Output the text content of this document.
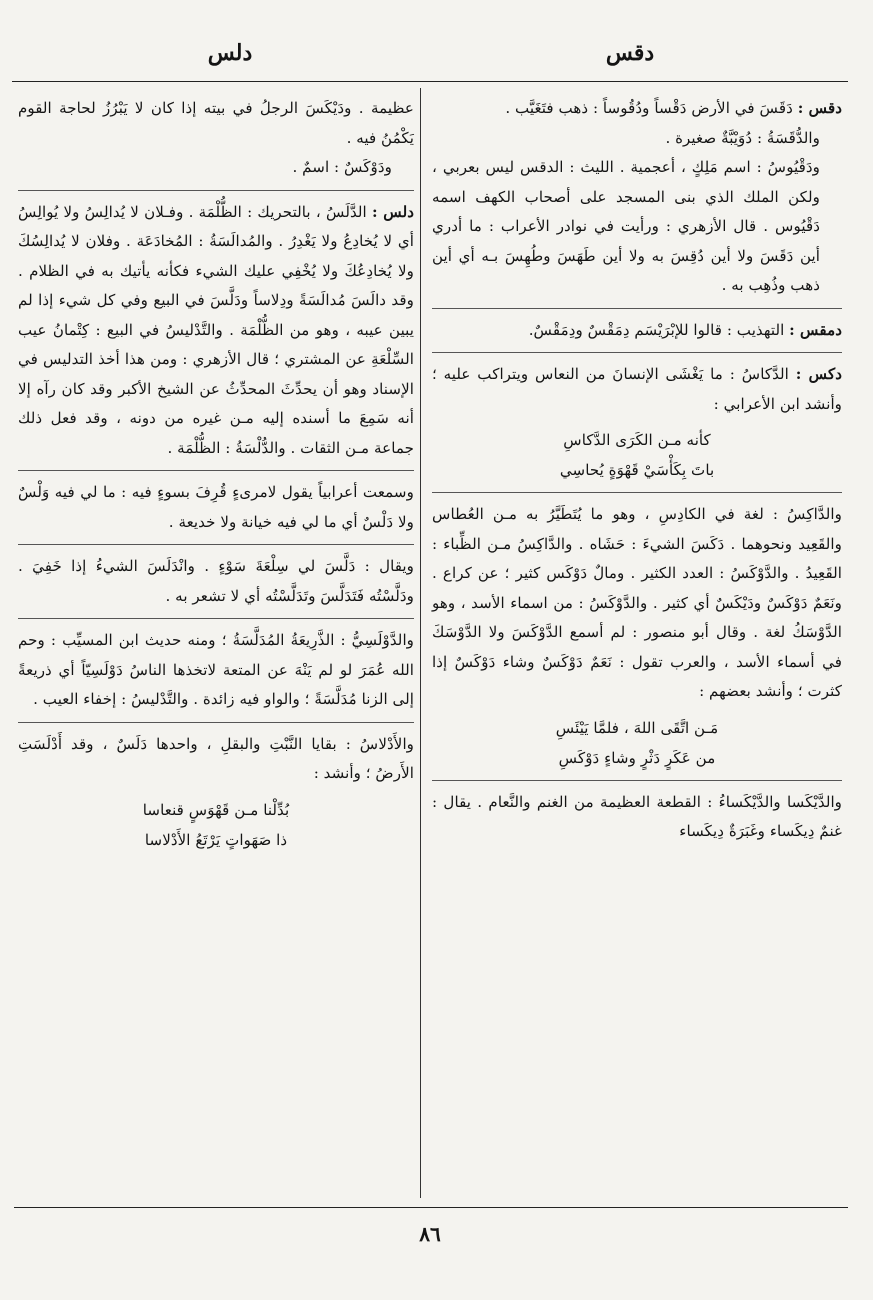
دقس
دلس

دقس : دَقَسَ في الأرض دَقْساً ودُقُوساً : ذهب فتَغَيَّب .

والدُّقَسَةُ : دُوَيْبَّةٌ صغيرة .

ودَقْيُوسُ : اسم مَلِكٍ ، أعجمية . الليث : الدقس ليس بعربي ، ولكن الملك الذي بنى المسجد على أصحاب الكهف اسمه دَقْيُوس . قال الأزهري : ورأيت في نوادر الأعراب : ما أدري أين دَقَسَ ولا أين دُقِسَ به ولا أين طَهَسَ وطُهِسَ بـه أي أين ذهب وذُهِب به .

دمقس : التهذيب : قالوا للإبْرَيْسَم دِمَقْسٌ ودِمَقْسٌ.

دكس : الدَّكاسُ : ما يَغْشَى الإنسانَ من النعاس ويتراكب عليه ؛ وأنشد ابن الأعرابي :

كأنه مـن الكَرَى الدَّكاسِ
باتَ بِكَأْسَيْ قَهْوَةٍ يُحاسِي

والدَّاكِسُ : لغة في الكادِسِ ، وهو ما يُتَطَيَّرُ به مـن العُطاس والقَعِيد ونحوهما . دَكَسَ الشيءَ : حَشَاه . والدَّاكِسُ مـن الظِّباء : القَعِيدُ . والدَّوْكَسُ : العدد الكثير . ومالٌ دَوْكَس كثير ؛ عن كراع . ونَعَمٌ دَوْكَسٌ ودَيْكَسٌ أي كثير . والدَّوْكَسُ : من اسماء الأسد ، وهو الدَّوْسَكُ لغة . وقال أبو منصور : لم أسمع الدَّوْكَسَ ولا الدَّوْسَكَ في أسماء الأسد ، والعرب تقول : نَعَمٌ دَوْكَسٌ وشاء دَوْكَسٌ إذا كثرت ؛ وأنشد بعضهم :

مَـن اتَّقَى اللهَ ، فلمَّا يَيْئَسِ
من عَكَرٍ دَثْرٍ وشاءٍ دَوْكَسِ

والدَّيْكَسا والدَّيْكَساءُ : القطعة العظيمة من الغنم والنَّعام . يقال : غنمٌ دِيكَساء وغَبَرَةٌ دِيكَساء

عظيمة . ودَيْكَسَ الرجلُ في بيته إذا كان لا يَبْرُزُ لحاجة القوم يَكْمُنُ فيه .

ودَوْكَسٌ : اسمٌ .

دلس : الدَّلَسُ ، بالتحريك : الظُّلْمَة . وفـلان لا يُدالِسُ ولا يُوالِسُ أي لا يُخادِعُ ولا يَغْدِرُ . والمُدالَسَةُ : المُخادَعَة . وفلان لا يُدالِسُكَ ولا يُخادِعُكَ ولا يُخْفِي عليك الشيء فكأنه يأتيك به في الظلام . وقد دالَسَ مُدالَسَةً ودِلاساً ودَلَّسَ في البيع وفي كل شيء إذا لم يبين عيبه ، وهو من الظُّلْمَة . والتَّدْليسُ في البيع : كِتْمانُ عيب السِّلْعَةِ عن المشتري ؛ قال الأزهري : ومن هذا أخذ التدليس في الإسناد وهو أن يحدِّثَ المحدِّثُ عن الشيخ الأكبر وقد كان رآه إلا أنه سَمِعَ ما أسنده إليه مـن غيره من دونه ، وقد فعل ذلك جماعة مـن الثقات . والدُّلْسَةُ : الظُّلْمَة .

وسمعت أعرابياً يقول لامرىءٍ قُرِفَ بسوءٍ فيه : ما لي فيه وَلْسٌ ولا دَلْسٌ أي ما لي فيه خيانة ولا خديعة .

ويقال : دَلَّسَ لي سِلْعَةَ سَوْءٍ . وانْدَلَسَ الشيءُ إذا خَفِيَ . ودَلَّسْتُه فَتَدَلَّسَ وتَدَلَّسْتُه أي لا تشعر به .

والدَّوْلَسِيُّ : الذَّرِيعَةُ المُدَلَّسَةُ ؛ ومنه حديث ابن المسيِّب : وحم الله عُمَرَ لو لم يَنْهَ عن المتعة لاتخذها الناسُ دَوْلَسِيّاً أي ذريعةً إلى الزنا مُدَلَّسَةً ؛ والواو فيه زائدة . والتَّدْليسُ : إخفاء العيب .

والأَدْلاسُ : بقايا النَّبْتِ والبقلِ ، واحدها دَلَسٌ ، وقد أَدْلَسَتِ الأَرضُ ؛ وأنشد :

بُدِّلْنا مـن قَهْوَسٍ قنعاسا
ذا صَهَواتٍ يَرْتَعُ الأَدْلاسا
٨٦
